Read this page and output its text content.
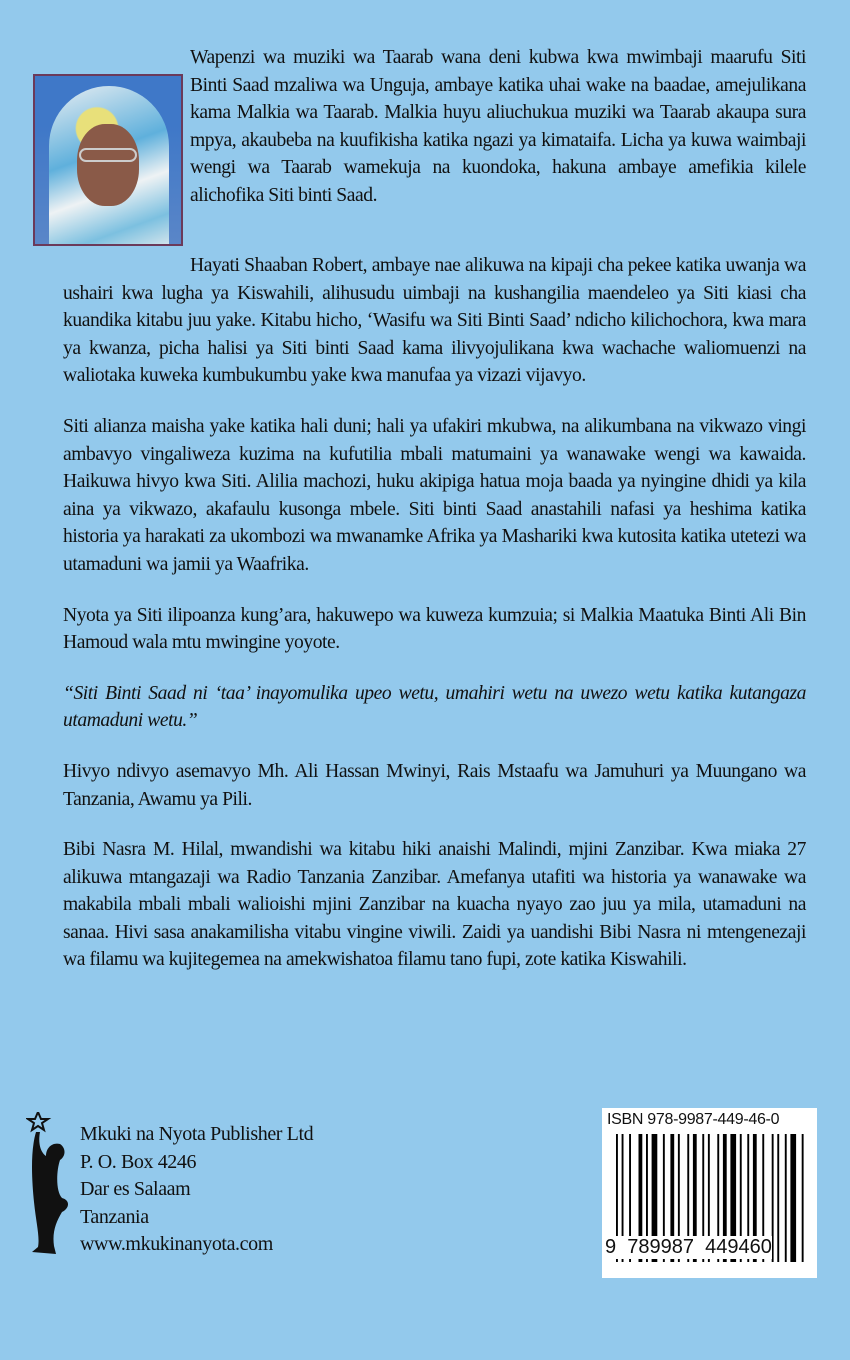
Wapenzi wa muziki wa Taarab wana deni kubwa kwa mwimbaji maarufu Siti Binti Saad mzaliwa wa Unguja, ambaye katika uhai wake na baadae, amejulikana kama Malkia wa Taarab. Malkia huyu aliuchukua muziki wa Taarab akaupa sura mpya, akaubeba na kuufikisha katika ngazi ya kimataifa. Licha ya kuwa waimbaji wengi wa Taarab wamekuja na kuondoka, hakuna ambaye amefikia kilele alichofika Siti binti Saad.

Hayati Shaaban Robert, ambaye nae alikuwa na kipaji cha pekee katika uwanja wa ushairi kwa lugha ya Kiswahili, alihusudu uimbaji na kushangilia maendeleo ya Siti kiasi cha kuandika kitabu juu yake. Kitabu hicho, ‘Wasifu wa Siti Binti Saad’ ndicho kilichochora, kwa mara ya kwanza, picha halisi ya Siti binti Saad kama ilivyojulikana kwa wachache waliomuenzi na waliotaka kuweka kumbukumbu yake kwa manufaa ya vizazi vijavyo.

Siti alianza maisha yake katika hali duni; hali ya ufakiri mkubwa, na alikumbana na vikwazo vingi ambavyo vingaliweza kuzima na kufutilia mbali matumaini ya wanawake wengi wa kawaida. Haikuwa hivyo kwa Siti. Alilia machozi, huku akipiga hatua moja baada ya nyingine dhidi ya kila aina ya vikwazo, akafaulu kusonga mbele. Siti binti Saad anastahili nafasi ya heshima katika historia ya harakati za ukombozi wa mwanamke Afrika ya Mashariki kwa kutosita katika utetezi wa utamaduni wa jamii ya Waafrika.

Nyota ya Siti ilipoanza kung’ara, hakuwepo wa kuweza kumzuia; si Malkia Maatuka Binti Ali Bin Hamoud wala mtu mwingine yoyote.

“Siti Binti Saad ni ‘taa’ inayomulika upeo wetu, umahiri wetu na uwezo wetu katika kutangaza utamaduni wetu.”

Hivyo ndivyo asemavyo Mh. Ali Hassan Mwinyi, Rais Mstaafu wa Jamuhuri ya Muungano wa Tanzania, Awamu ya Pili.

Bibi Nasra M. Hilal, mwandishi wa kitabu hiki anaishi Malindi, mjini Zanzibar. Kwa miaka 27 alikuwa mtangazaji wa Radio Tanzania Zanzibar. Amefanya utafiti wa historia ya wanawake wa makabila mbali mbali walioishi mjini Zanzibar na kuacha nyayo zao juu ya mila, utamaduni na sanaa. Hivi sasa anakamilisha vitabu vingine viwili. Zaidi ya uandishi Bibi Nasra ni mtengenezaji wa filamu wa kujitegemea na amekwishatoa filamu tano fupi, zote katika Kiswahili.

Mkuki na Nyota Publisher Ltd
P. O. Box 4246
Dar es Salaam
Tanzania
www.mkukinanyota.com
ISBN 978-9987-449-46-0
9  789987  449460
